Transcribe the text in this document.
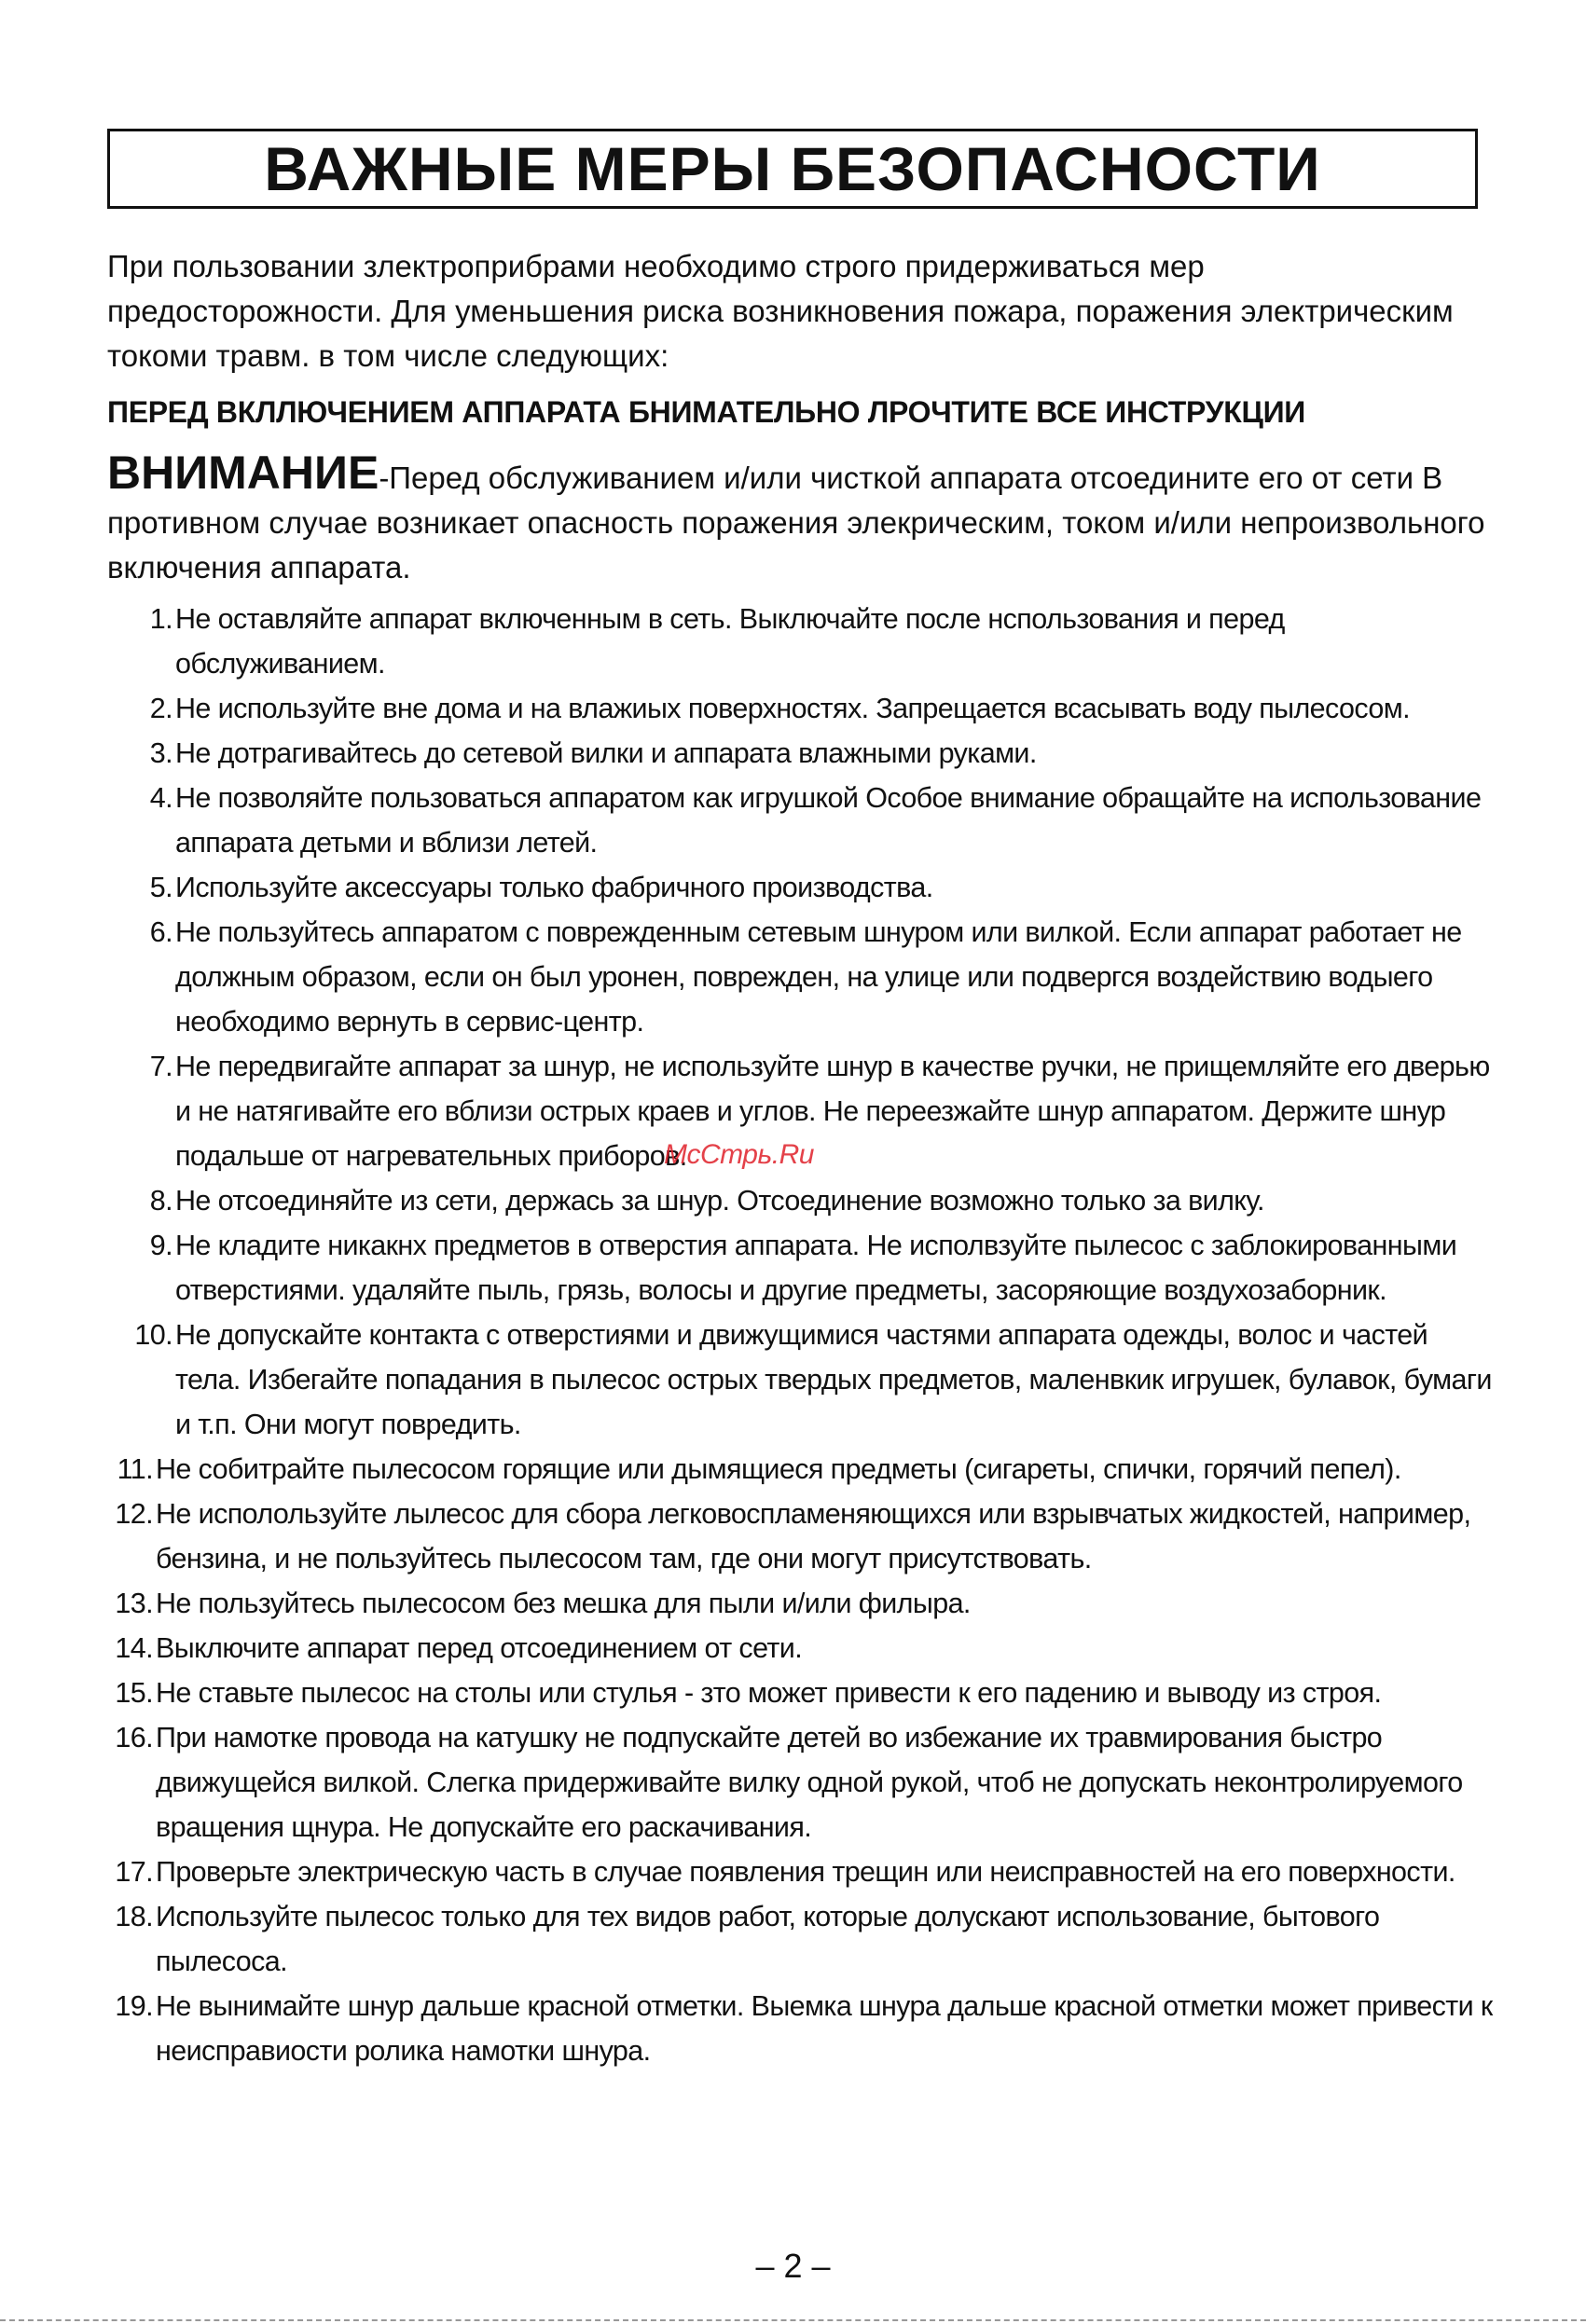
ВАЖНЫЕ МЕРЫ БЕЗОПАСНОСТИ

При пользовании злектроприбрами необходимо строго придерживаться мер предосторожности. Для уменьшения риска возникновения пожара, поражения электрическим токоми травм. в том числе следующих:

ПЕРЕД ВКЛЛЮЧЕНИЕМ АППАРАТА БНИМАТЕЛЬНО ЛРОЧТИТЕ ВСЕ ИНСТРУКЦИИ

ВНИМАНИЕ-Перед обслуживанием и/или чисткой аппарата отсоедините его от сети В противном случае возникает опасность поражения элекрическим, током и/или непроизвольного включения аппарата.

1. Не оставляйте аппарат включенным в сеть. Выключайте после нспользования и перед обслуживанием.
2. Не используйте вне дома и на влажиых поверхностях. Запрещается всасывать воду пылесосом.
3. Не дотрагивайтесь до сетевой вилки и аппарата влажными руками.
4. Не позволяйте пользоваться аппаратом как игрушкой Особое внимание обращайте на использование аппарата детьми и вблизи летей.
5. Используйте аксессуары только фабричного производства.
6. Не пользуйтесь аппаратом с поврежденным сетевым шнуром или вилкой. Если аппарат работает не должным образом, если он был уронен, поврежден, на улице или подвергся воздействию водыего необходимо вернуть в сервис-центр.
7. Не передвигайте аппарат за шнур, не используйте шнур в качестве ручки, не прищемляйте его дверью и не натягивайте его вблизи острых краев и углов. Не переезжайте шнур аппаратом. Держите шнур подальше от нагревательных приборов.
8. Не отсоединяйте из сети, держась за шнур. Отсоединение возможно только за вилку.
9. Не кладите никакнх предметов в отверстия аппарата. Не исполвзуйте пылесос с заблокированными отверстиями. удаляйте пыль, грязь, волосы и другие предметы, засоряющие воздухозаборник.
10. Не допускайте контакта с отверстиями и движущимися частями аппарата одежды, волос и частей тела. Избегайте попадания в пылесос острых твердых предметов, маленвкик игрушек, булавок, бумаги и т.п. Они могут повредить.
11. Не собитрайте пылесосом горящие или дымящиеся предметы (сигареты, спички, горячий пепел).
12. Не исполользуйте лылесос для сбора легковоспламеняющихся или взрывчатых жидкостей, например, бензина, и не пользуйтесь пылесосом там, где они могут присутствовать.
13. Не пользуйтесь пылесосом без мешка для пыли и/или филыра.
14. Выключите аппарат перед отсоединением от сети.
15. Не ставьте пылесос на столы или стулья - зто может привести к его падению и выводу из строя.
16. При намотке провода на катушку не подпускайте детей во избежание их травмирования быстро движущейся вилкой. Слегка придерживайте вилку одной рукой, чтоб не допускать неконтролируемого вращения щнура. Не допускайте его раскачивания.
17. Проверьте электрическую часть в случае появления трещин или неисправностей на его поверхности.
18. Используйте пылесос только для тех видов работ, которые долускают использование, бытового пылесоса.
19. Не вынимайте шнур дальше красной отметки. Выемка шнура дальше красной отметки может привести к неисправиости ролика намотки шнура.
МсСтрь.Ru
– 2 –
